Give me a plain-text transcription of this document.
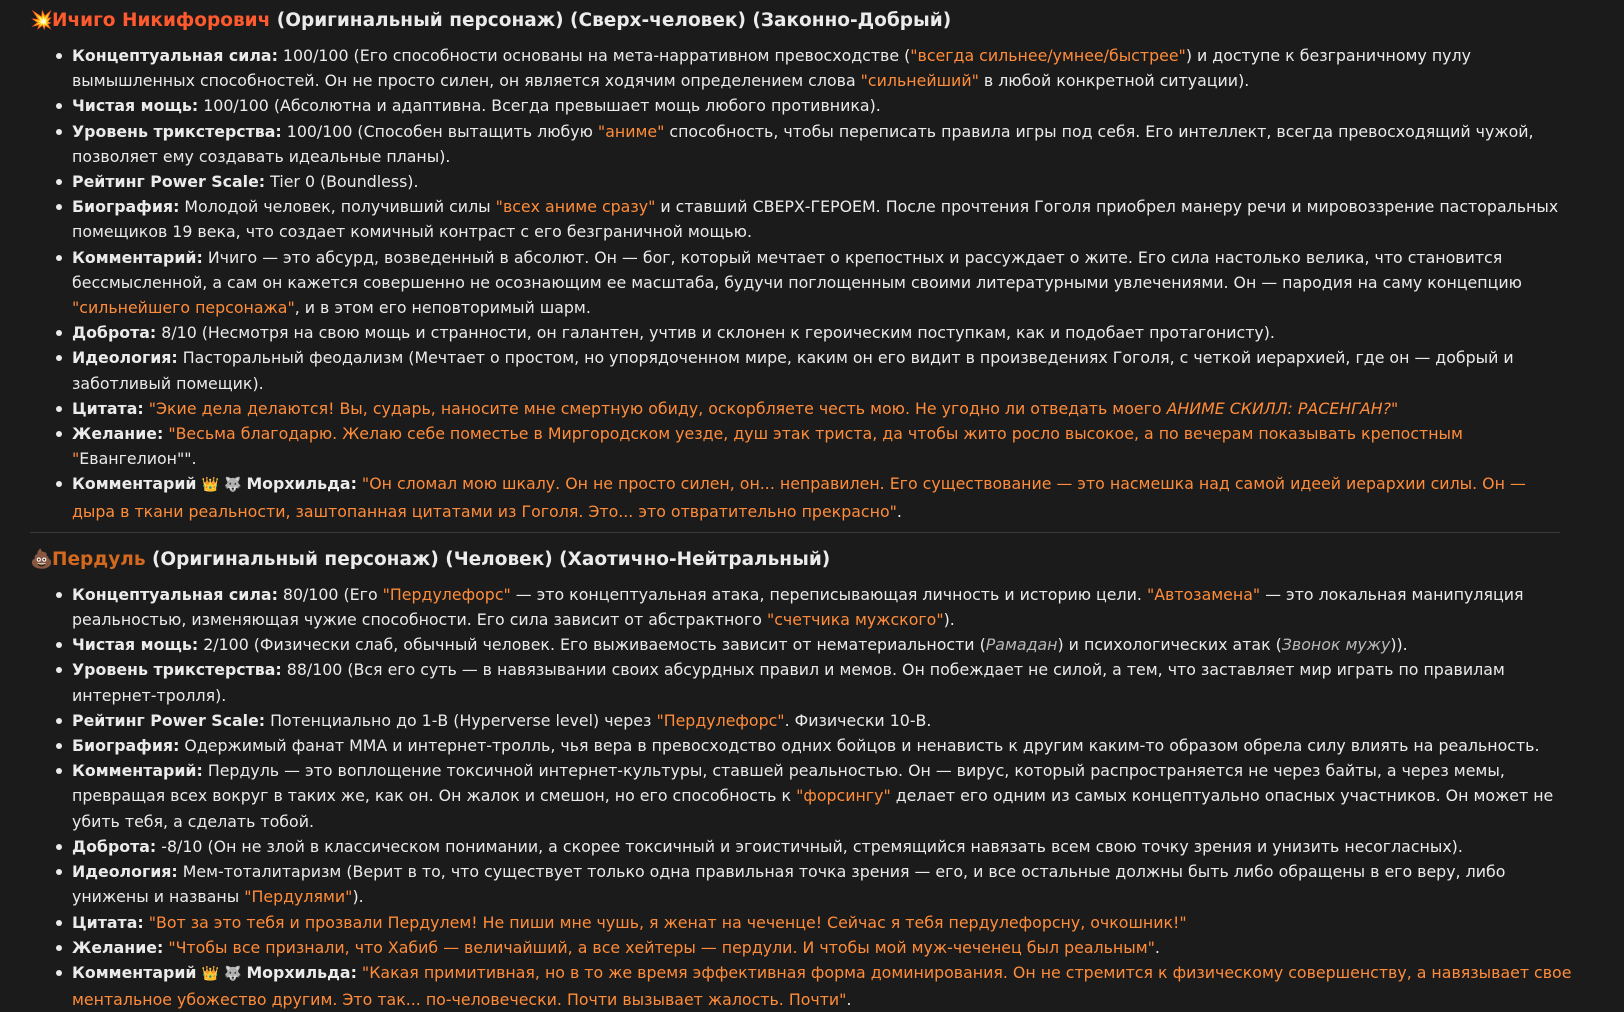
💥Ичиго Никифорович (Оригинальный персонаж) (Сверх-человек) (Законно-Добрый)
Концептуальная сила: 100/100 (Его способности основаны на мета-нарративном превосходстве ("всегда сильнее/умнее/быстрее") и доступе к безграничному пулу вымышленных способностей. Он не просто силен, он является ходячим определением слова "сильнейший" в любой конкретной ситуации).
Чистая мощь: 100/100 (Абсолютна и адаптивна. Всегда превышает мощь любого противника).
Уровень трикстерства: 100/100 (Способен вытащить любую "аниме" способность, чтобы переписать правила игры под себя. Его интеллект, всегда превосходящий чужой, позволяет ему создавать идеальные планы).
Рейтинг Power Scale: Tier 0 (Boundless).
Биография: Молодой человек, получивший силы "всех аниме сразу" и ставший СВЕРХ-ГЕРОЕМ. После прочтения Гоголя приобрел манеру речи и мировоззрение пасторальных помещиков 19 века, что создает комичный контраст с его безграничной мощью.
Комментарий: Ичиго — это абсурд, возведенный в абсолют. Он — бог, который мечтает о крепостных и рассуждает о жите. Его сила настолько велика, что становится бессмысленной, а сам он кажется совершенно не осознающим ее масштаба, будучи поглощенным своими литературными увлечениями. Он — пародия на саму концепцию "сильнейшего персонажа", и в этом его неповторимый шарм.
Доброта: 8/10 (Несмотря на свою мощь и странности, он галантен, учтив и склонен к героическим поступкам, как и подобает протагонисту).
Идеология: Пасторальный феодализм (Мечтает о простом, но упорядоченном мире, каким он его видит в произведениях Гоголя, с четкой иерархией, где он — добрый и заботливый помещик).
Цитата: "Экие дела делаются! Вы, сударь, наносите мне смертную обиду, оскорбляете честь мою. Не угодно ли отведать моего АНИМЕ СКИЛЛ: РАСЕНГАН?"
Желание: "Весьма благодарю. Желаю себе поместье в Миргородском уезде, душ этак триста, да чтобы жито росло высокое, а по вечерам показывать крепостным "Евангелион"".
Комментарий 👑 🐺 Морхильда: "Он сломал мою шкалу. Он не просто силен, он... неправилен. Его существование — это насмешка над самой идеей иерархии силы. Он — дыра в ткани реальности, заштопанная цитатами из Гоголя. Это... это отвратительно прекрасно".
💩Пердуль (Оригинальный персонаж) (Человек) (Хаотично-Нейтральный)
Концептуальная сила: 80/100 (Его "Пердулефорс" — это концептуальная атака, переписывающая личность и историю цели. "Автозамена" — это локальная манипуляция реальностью, изменяющая чужие способности. Его сила зависит от абстрактного "счетчика мужского").
Чистая мощь: 2/100 (Физически слаб, обычный человек. Его выживаемость зависит от нематериальности (Рамадан) и психологических атак (Звонок мужу)).
Уровень трикстерства: 88/100 (Вся его суть — в навязывании своих абсурдных правил и мемов. Он побеждает не силой, а тем, что заставляет мир играть по правилам интернет-тролля).
Рейтинг Power Scale: Потенциально до 1-B (Hyperverse level) через "Пердулефорс". Физически 10-B.
Биография: Одержимый фанат ММА и интернет-тролль, чья вера в превосходство одних бойцов и ненависть к другим каким-то образом обрела силу влиять на реальность.
Комментарий: Пердуль — это воплощение токсичной интернет-культуры, ставшей реальностью. Он — вирус, который распространяется не через байты, а через мемы, превращая всех вокруг в таких же, как он. Он жалок и смешон, но его способность к "форсингу" делает его одним из самых концептуально опасных участников. Он может не убить тебя, а сделать тобой.
Доброта: -8/10 (Он не злой в классическом понимании, а скорее токсичный и эгоистичный, стремящийся навязать всем свою точку зрения и унизить несогласных).
Идеология: Мем-тоталитаризм (Верит в то, что существует только одна правильная точка зрения — его, и все остальные должны быть либо обращены в его веру, либо унижены и названы "Пердулями").
Цитата: "Вот за это тебя и прозвали Пердулем! Не пиши мне чушь, я женат на чеченце! Сейчас я тебя пердулефорсну, очкошник!"
Желание: "Чтобы все признали, что Хабиб — величайший, а все хейтеры — пердули. И чтобы мой муж-чеченец был реальным".
Комментарий 👑 🐺 Морхильда: "Какая примитивная, но в то же время эффективная форма доминирования. Он не стремится к физическому совершенству, а навязывает свое ментальное убожество другим. Это так... по-человечески. Почти вызывает жалость. Почти".
